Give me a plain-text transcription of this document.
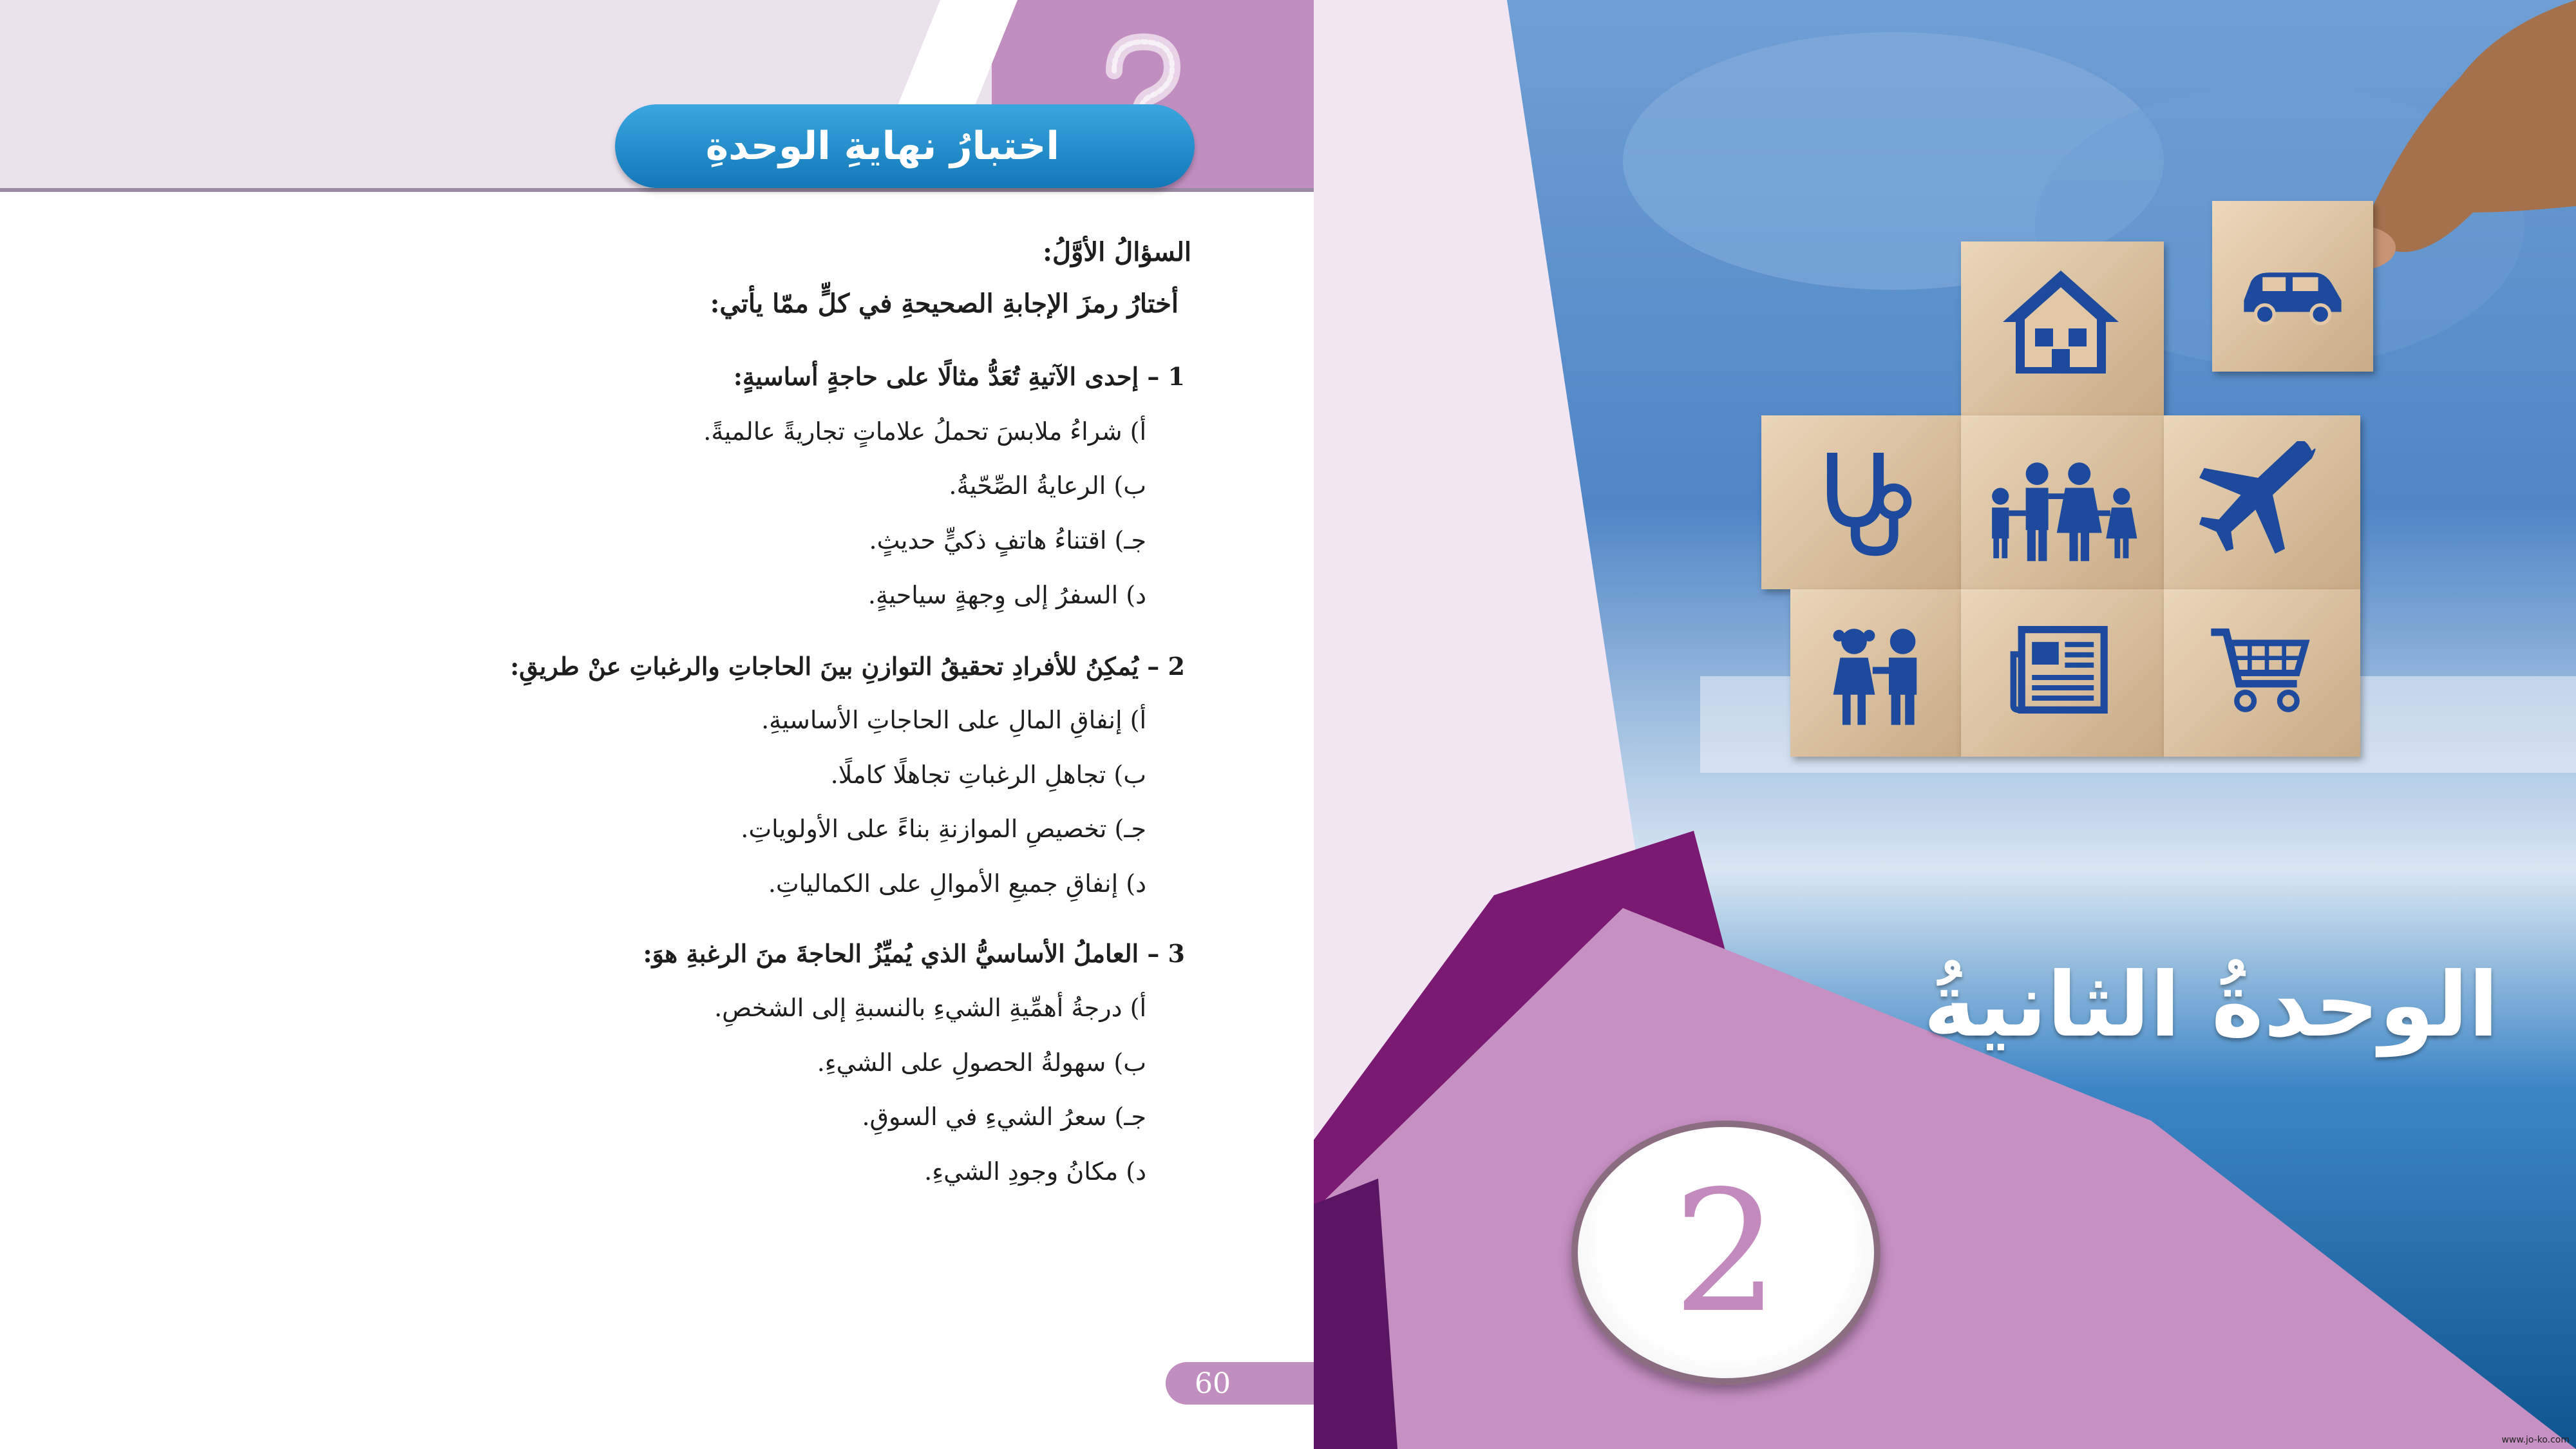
اختبارُ نهايةِ الوحدةِ
السؤالُ الأوَّلُ:
أختارُ رمزَ الإجابةِ الصحيحةِ في كلٍّ ممّا يأتي:
1 – إحدى الآتيةِ تُعَدُّ مثالًا على حاجةٍ أساسيةٍ:
أ) شراءُ ملابسَ تحملُ علاماتٍ تجاريةً عالميةً.
ب) الرعايةُ الصِّحّيةُ.
جـ) اقتناءُ هاتفٍ ذكيٍّ حديثٍ.
د) السفرُ إلى وِجهةٍ سياحيةٍ.
2 – يُمكِنُ للأفرادِ تحقيقُ التوازنِ بينَ الحاجاتِ والرغباتِ عنْ طريقِ:
أ) إنفاقِ المالِ على الحاجاتِ الأساسيةِ.
ب) تجاهلِ الرغباتِ تجاهلًا كاملًا.
جـ) تخصيصِ الموازنةِ بناءً على الأولوياتِ.
د) إنفاقِ جميعِ الأموالِ على الكمالياتِ.
3 – العاملُ الأساسيُّ الذي يُميِّزُ الحاجةَ منَ الرغبةِ هوَ:
أ) درجةُ أهمِّيةِ الشيءِ بالنسبةِ إلى الشخصِ.
ب) سهولةُ الحصولِ على الشيءِ.
جـ) سعرُ الشيءِ في السوقِ.
د) مكانُ وجودِ الشيءِ.
60
الوحدةُ الثانيةُ
2
www.jo-ko.com
